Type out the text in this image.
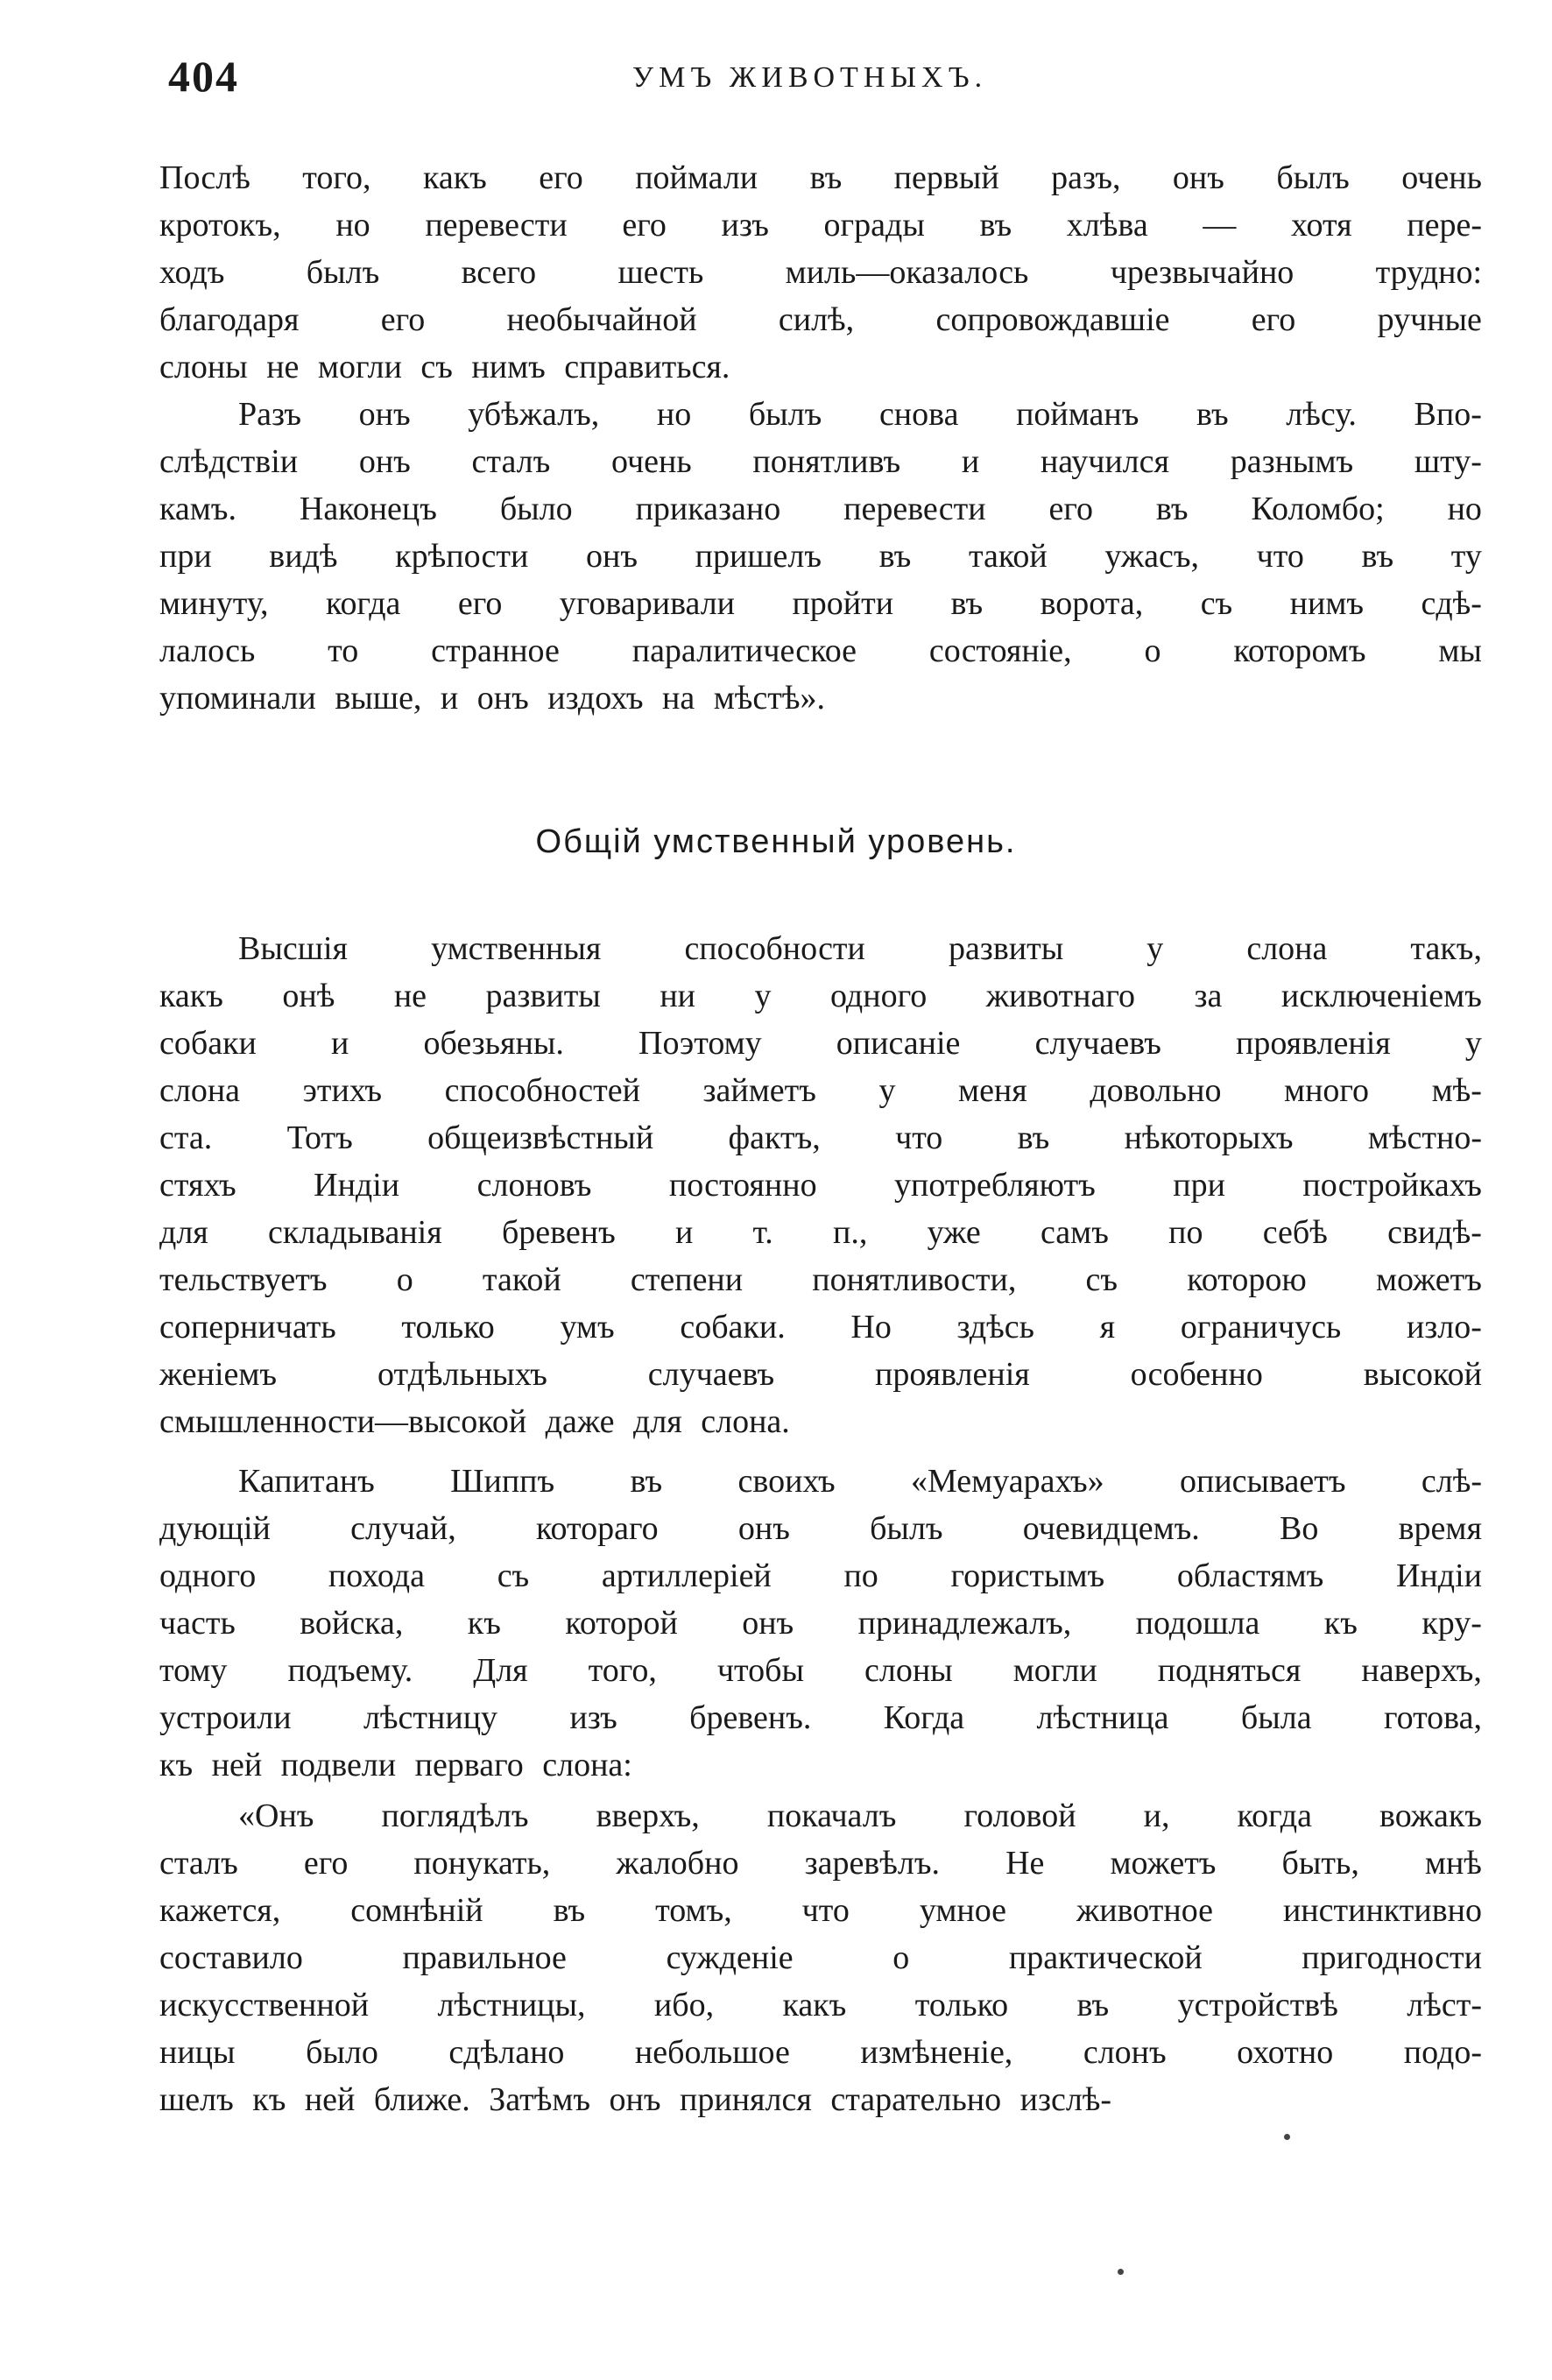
404	УМЪ ЖИВОТНЫХЪ.
Послѣ того, какъ его поймали въ первый разъ, онъ былъ очень
кротокъ, но перевести его изъ ограды въ хлѣва — хотя пере-
ходъ былъ всего шесть миль—оказалось чрезвычайно трудно:
благодаря его необычайной силѣ, сопровождавшіе его ручные
слоны не могли съ нимъ справиться.
Разъ онъ убѣжалъ, но былъ снова пойманъ въ лѣсу. Впо-
слѣдствіи онъ сталъ очень понятливъ и научился разнымъ шту-
камъ. Наконецъ было приказано перевести его въ Коломбо; но
при видѣ крѣпости онъ пришелъ въ такой ужасъ, что въ ту
минуту, когда его уговаривали пройти въ ворота, съ нимъ сдѣ-
лалось то странное паралитическое состояніе, о которомъ мы
упоминали выше, и онъ издохъ на мѣстѣ».
Общій умственный уровень.
Высшія	умственныя	способности	развиты	у	слона	такъ,
какъ онѣ не развиты ни у одного животнаго за исключеніемъ
собаки и обезьяны. Поэтому описаніе случаевъ проявленія у
слона этихъ способностей займетъ у меня довольно много мѣ-
ста. Тотъ общеизвѣстный фактъ, что въ нѣкоторыхъ мѣстно-
стяхъ Индіи слоновъ постоянно употребляютъ при постройкахъ
для складыванія бревенъ и т. п., уже самъ по себѣ свидѣ-
тельствуетъ о такой степени понятливости, съ которою можетъ
соперничать только умъ собаки. Но здѣсь я ограничусь изло-
женіемъ	отдѣльныхъ	случаевъ	проявленія	особенно	высокой
смышленности—высокой даже для слона.
Капитанъ Шиппъ въ своихъ «Мемуарахъ» описываетъ слѣ-
дующій случай, котораго онъ былъ очевидцемъ. Во время
одного похода съ артиллеріей по гористымъ областямъ Индіи
часть войска, къ которой онъ принадлежалъ, подошла къ кру-
тому подъему. Для того, чтобы слоны могли подняться наверхъ,
устроили лѣстницу изъ бревенъ. Когда лѣстница была готова,
къ ней подвели перваго слона:
«Онъ поглядѣлъ вверхъ, покачалъ головой и, когда вожакъ
сталъ его понукать, жалобно заревѣлъ. Не можетъ быть, мнѣ
кажется, сомнѣній въ томъ, что умное животное инстинктивно
составило	правильное	сужденіе	о	практической	пригодности
искусственной лѣстницы, ибо, какъ только въ устройствѣ лѣст-
ницы было сдѣлано небольшое измѣненіе, слонъ охотно подо-
шелъ къ ней ближе. Затѣмъ онъ принялся старательно изслѣ-
